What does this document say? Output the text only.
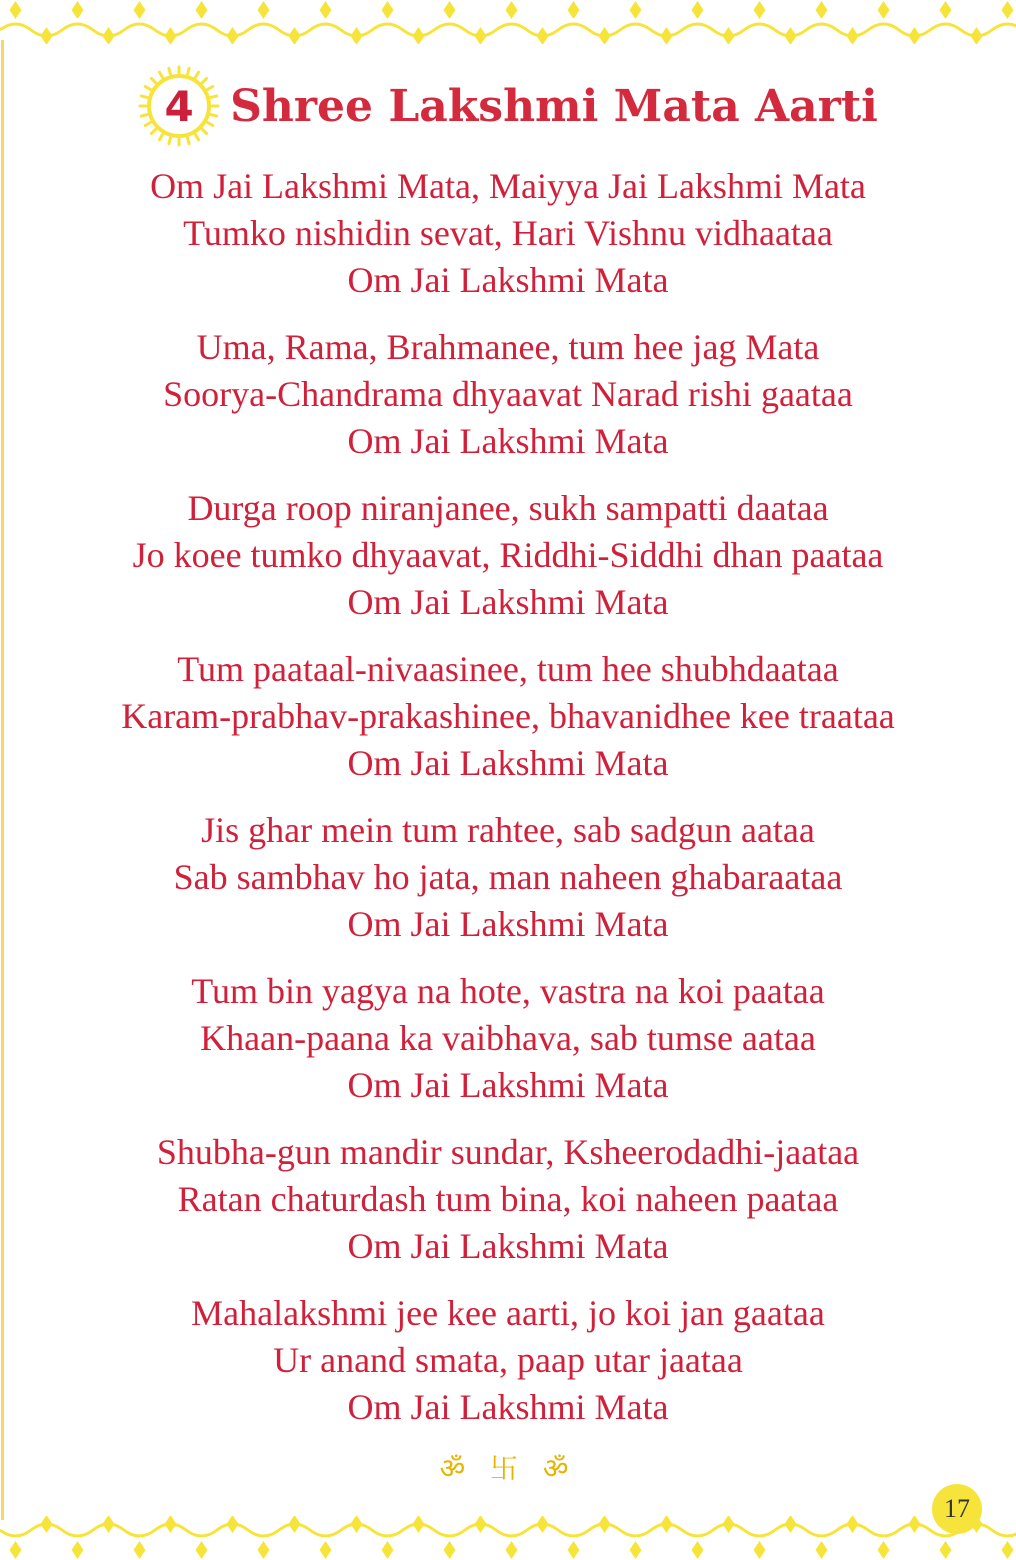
4 Shree Lakshmi Mata Aarti
Om Jai Lakshmi Mata, Maiyya Jai Lakshmi Mata
Tumko nishidin sevat, Hari Vishnu vidhaataa
Om Jai Lakshmi Mata
Uma, Rama, Brahmanee, tum hee jag Mata
Soorya-Chandrama dhyaavat Narad rishi gaataa
Om Jai Lakshmi Mata
Durga roop niranjanee, sukh sampatti daataa
Jo koee tumko dhyaavat, Riddhi-Siddhi dhan paataa
Om Jai Lakshmi Mata
Tum paataal-nivaasinee, tum hee shubhdaataa
Karam-prabhav-prakashinee, bhavanidhee kee traataa
Om Jai Lakshmi Mata
Jis ghar mein tum rahtee, sab sadgun aataa
Sab sambhav ho jata, man naheen ghabaraataa
Om Jai Lakshmi Mata
Tum bin yagya na hote, vastra na koi paataa
Khaan-paana ka vaibhava, sab tumse aataa
Om Jai Lakshmi Mata
Shubha-gun mandir sundar, Ksheerodadhi-jaataa
Ratan chaturdash tum bina, koi naheen paataa
Om Jai Lakshmi Mata
Mahalakshmi jee kee aarti, jo koi jan gaataa
Ur anand smata, paap utar jaataa
Om Jai Lakshmi Mata
ॐ 卐 ॐ
17
